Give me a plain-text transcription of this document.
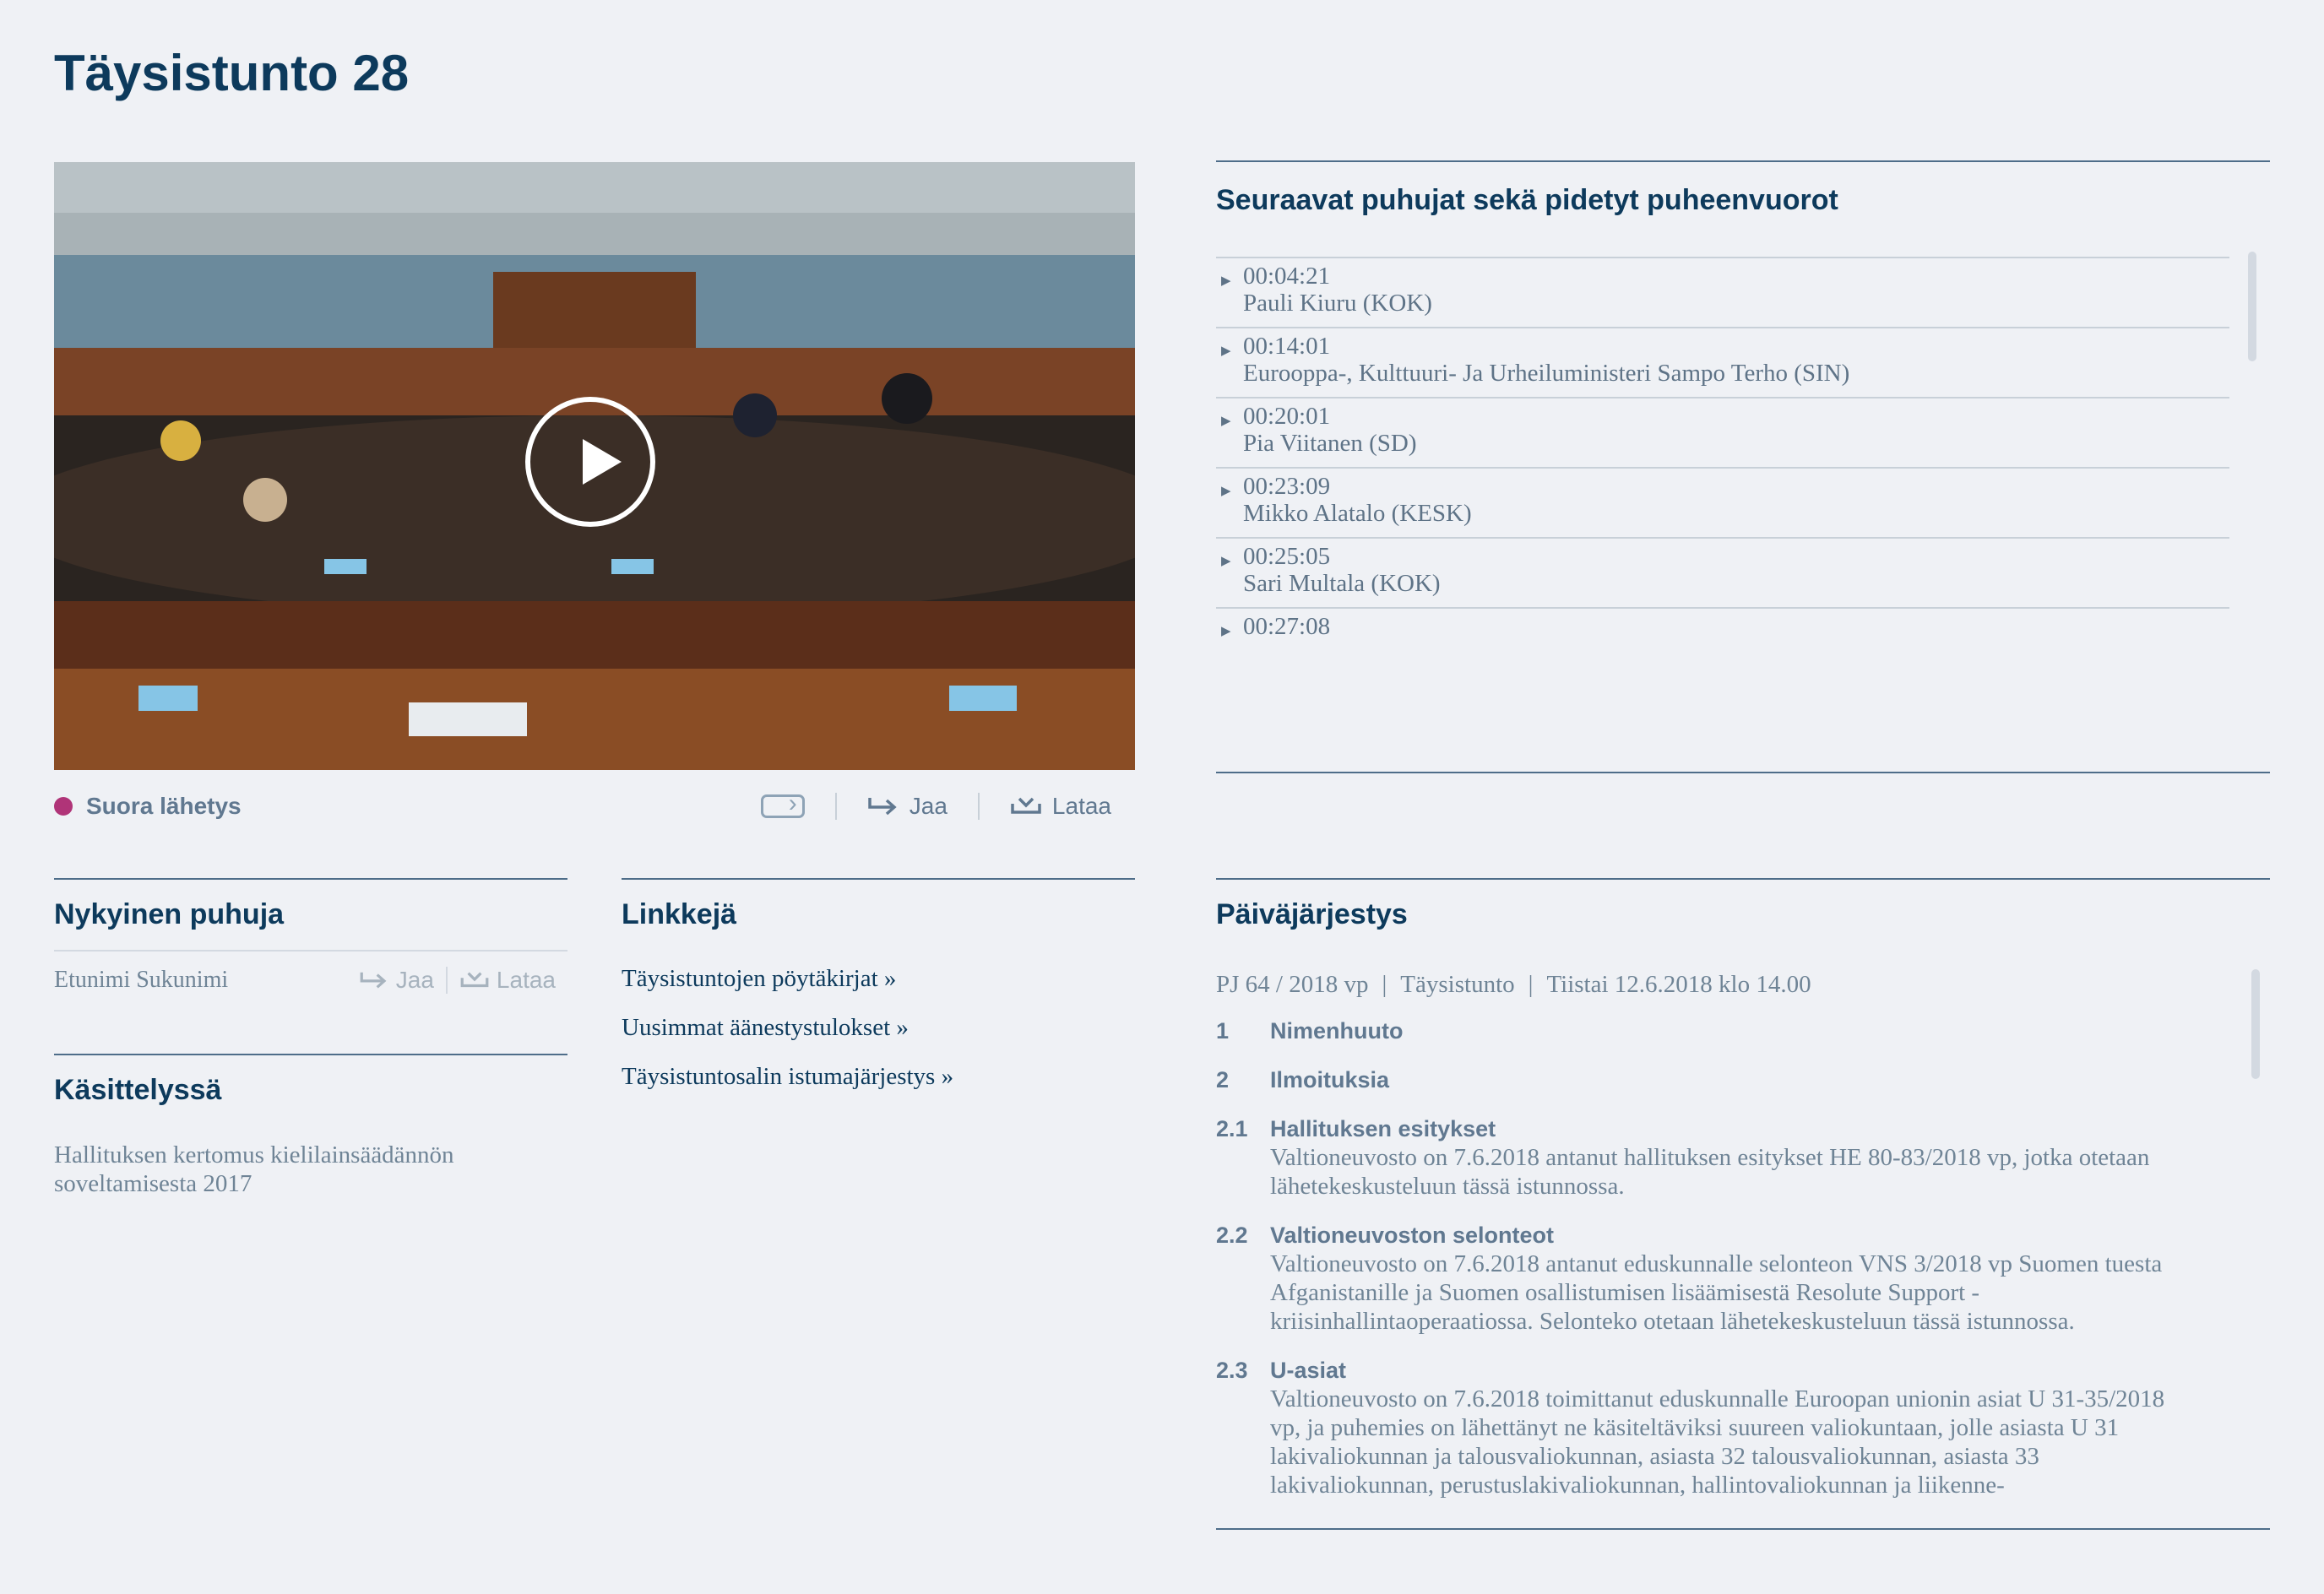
Täysistunto 28
Suora lähetys
›	Jaa	Lataa
Seuraavat puhujat sekä pidetyt puheenvuorot
▶ 00:04:21
Pauli Kiuru (KOK)
▶ 00:14:01
Eurooppa-, Kulttuuri- Ja Urheiluministeri Sampo Terho (SIN)
▶ 00:20:01
Pia Viitanen (SD)
▶ 00:23:09
Mikko Alatalo (KESK)
▶ 00:25:05
Sari Multala (KOK)
▶ 00:27:08
Nykyinen puhuja
Etunimi Sukunimi	Jaa	Lataa
Käsittelyssä
Hallituksen kertomus kielilainsäädännön soveltamisesta 2017
Linkkejä
Täysistuntojen pöytäkirjat »
Uusimmat äänestystulokset »
Täysistuntosalin istumajärjestys »
Päiväjärjestys
PJ 64 / 2018 vp | Täysistunto | Tiistai 12.6.2018 klo 14.00
1	Nimenhuuto
2	Ilmoituksia
2.1 Hallituksen esitykset
Valtioneuvosto on 7.6.2018 antanut hallituksen esitykset HE 80-83/2018 vp, jotka otetaan lähetekeskusteluun tässä istunnossa.
2.2 Valtioneuvoston selonteot
Valtioneuvosto on 7.6.2018 antanut eduskunnalle selonteon VNS 3/2018 vp Suomen tuesta Afganistanille ja Suomen osallistumisen lisäämisestä Resolute Support -kriisinhallintaoperaatiossa. Selonteko otetaan lähetekeskusteluun tässä istunnossa.
2.3 U-asiat
Valtioneuvosto on 7.6.2018 toimittanut eduskunnalle Euroopan unionin asiat U 31-35/2018 vp, ja puhemies on lähettänyt ne käsiteltäviksi suureen valiokuntaan, jolle asiasta U 31 lakivaliokunnan ja talousvaliokunnan, asiasta 32 talousvaliokunnan, asiasta 33 lakivaliokunnan, perustuslakivaliokunnan, hallintovaliokunnan ja liikenne-
